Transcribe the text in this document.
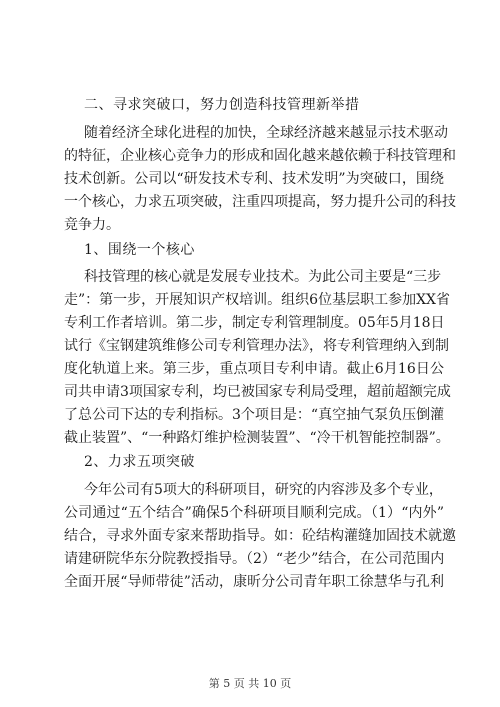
二、寻求突破口，努力创造科技管理新举措
随着经济全球化进程的加快，全球经济越来越显示技术驱动
的特征，企业核心竞争力的形成和固化越来越依赖于科技管理和
技术创新。公司以“研发技术专利、技术发明”为突破口，围绕
一个核心，力求五项突破，注重四项提高，努力提升公司的科技
竞争力。
1、围绕一个核心
科技管理的核心就是发展专业技术。为此公司主要是“三步
走”：第一步，开展知识产权培训。组织6位基层职工参加XX省
专利工作者培训。第二步，制定专利管理制度。05年5月18日
试行《宝钢建筑维修公司专利管理办法》，将专利管理纳入到制
度化轨道上来。第三步，重点项目专利申请。截止6月16日公
司共申请3项国家专利，均已被国家专利局受理，超前超额完成
了总公司下达的专利指标。3个项目是：“真空抽气泵负压倒灌
截止装置”、“一种路灯维护检测装置”、“冷干机智能控制器”。
2、力求五项突破
今年公司有5项大的科研项目，研究的内容涉及多个专业，
公司通过“五个结合”确保5个科研项目顺利完成。（1）“内外”
结合，寻求外面专家来帮助指导。如：砼结构灌缝加固技术就邀
请建研院华东分院教授指导。（2）“老少”结合，在公司范围内
全面开展“导师带徒”活动，康昕分公司青年职工徐慧华与孔利
第 5 页 共 10 页
